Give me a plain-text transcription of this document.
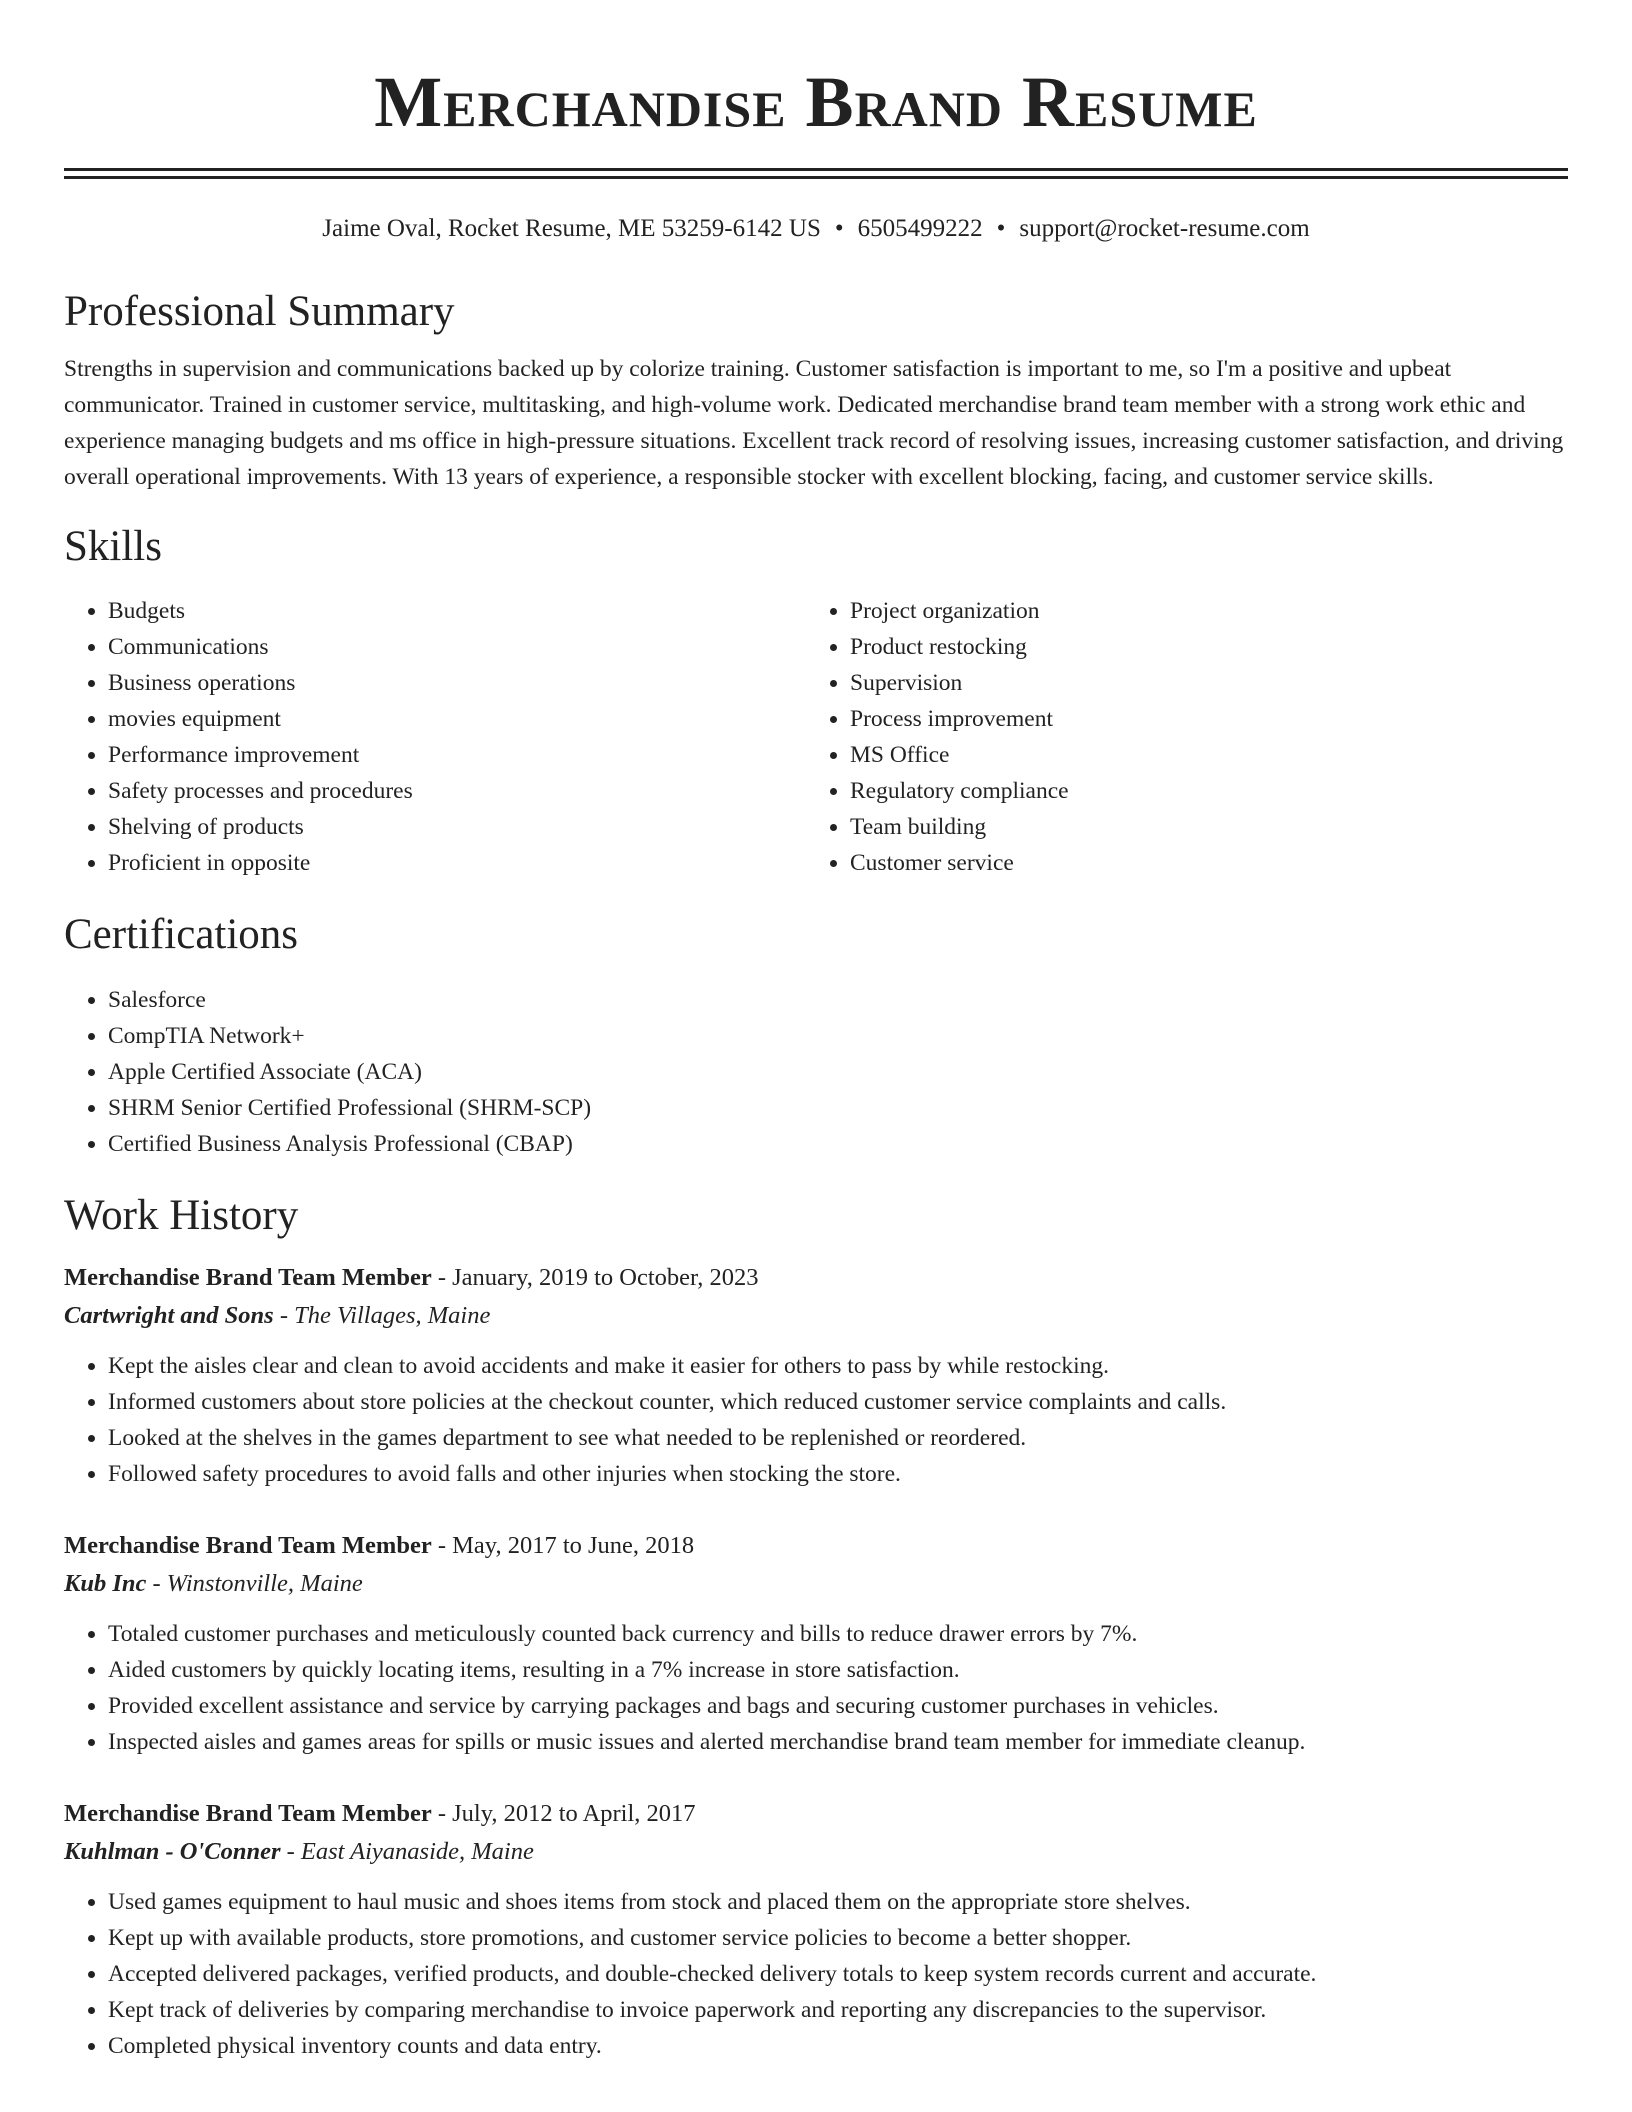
Merchandise Brand Resume
Jaime Oval, Rocket Resume, ME 53259-6142 US • 6505499222 • support@rocket-resume.com
Professional Summary
Strengths in supervision and communications backed up by colorize training. Customer satisfaction is important to me, so I'm a positive and upbeat communicator. Trained in customer service, multitasking, and high-volume work. Dedicated merchandise brand team member with a strong work ethic and experience managing budgets and ms office in high-pressure situations. Excellent track record of resolving issues, increasing customer satisfaction, and driving overall operational improvements. With 13 years of experience, a responsible stocker with excellent blocking, facing, and customer service skills.
Skills
• Budgets
• Communications
• Business operations
• movies equipment
• Performance improvement
• Safety processes and procedures
• Shelving of products
• Proficient in opposite
• Project organization
• Product restocking
• Supervision
• Process improvement
• MS Office
• Regulatory compliance
• Team building
• Customer service
Certifications
• Salesforce
• CompTIA Network+
• Apple Certified Associate (ACA)
• SHRM Senior Certified Professional (SHRM-SCP)
• Certified Business Analysis Professional (CBAP)
Work History
Merchandise Brand Team Member - January, 2019 to October, 2023
Cartwright and Sons - The Villages, Maine
• Kept the aisles clear and clean to avoid accidents and make it easier for others to pass by while restocking.
• Informed customers about store policies at the checkout counter, which reduced customer service complaints and calls.
• Looked at the shelves in the games department to see what needed to be replenished or reordered.
• Followed safety procedures to avoid falls and other injuries when stocking the store.
Merchandise Brand Team Member - May, 2017 to June, 2018
Kub Inc - Winstonville, Maine
• Totaled customer purchases and meticulously counted back currency and bills to reduce drawer errors by 7%.
• Aided customers by quickly locating items, resulting in a 7% increase in store satisfaction.
• Provided excellent assistance and service by carrying packages and bags and securing customer purchases in vehicles.
• Inspected aisles and games areas for spills or music issues and alerted merchandise brand team member for immediate cleanup.
Merchandise Brand Team Member - July, 2012 to April, 2017
Kuhlman - O'Conner - East Aiyanaside, Maine
• Used games equipment to haul music and shoes items from stock and placed them on the appropriate store shelves.
• Kept up with available products, store promotions, and customer service policies to become a better shopper.
• Accepted delivered packages, verified products, and double-checked delivery totals to keep system records current and accurate.
• Kept track of deliveries by comparing merchandise to invoice paperwork and reporting any discrepancies to the supervisor.
• Completed physical inventory counts and data entry.
